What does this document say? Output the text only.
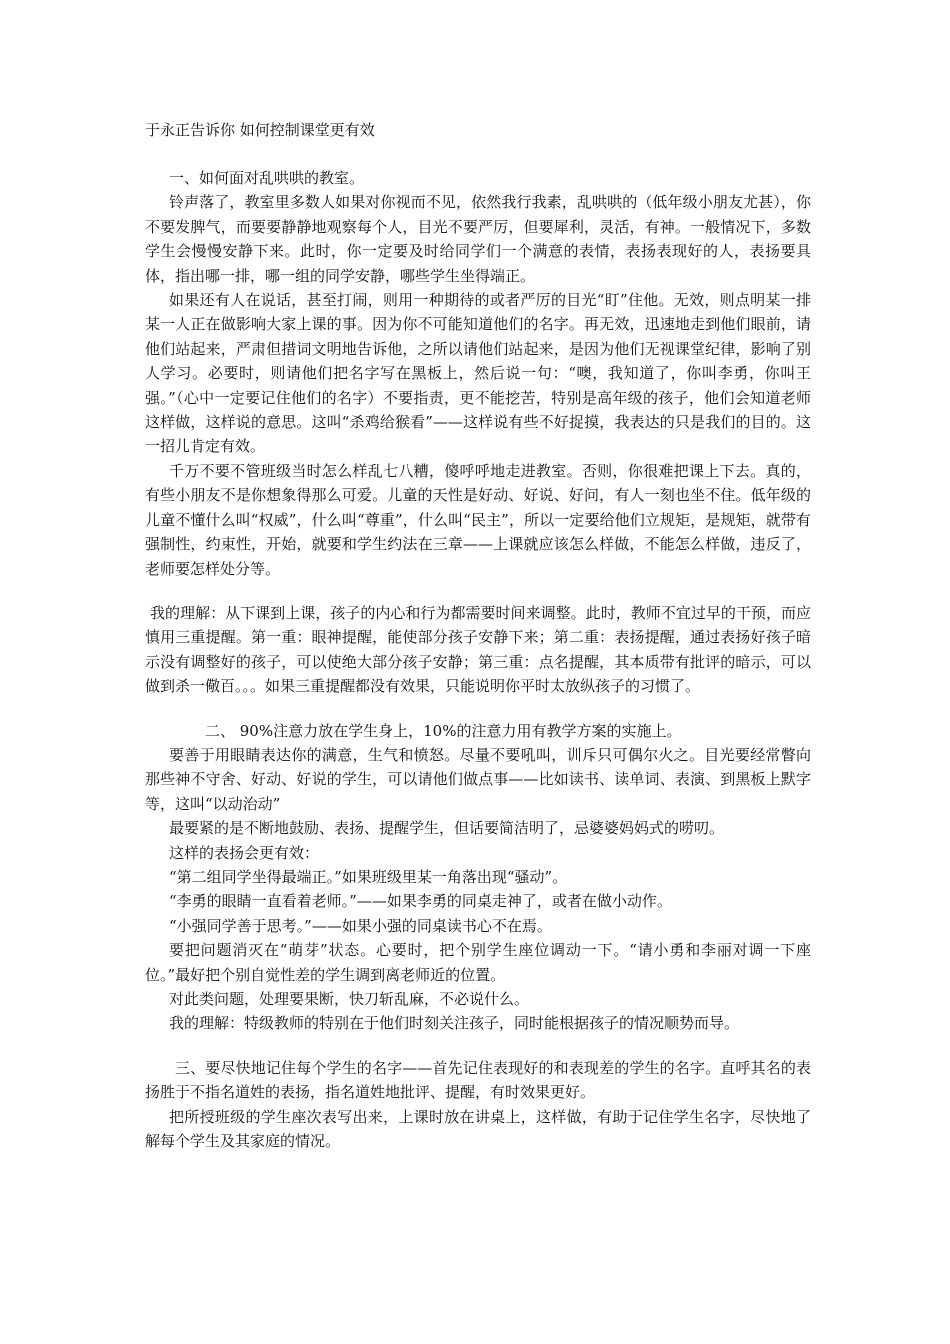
于永正告诉你 如何控制课堂更有效

一、如何面对乱哄哄的教室。

铃声落了，教室里多数人如果对你视而不见，依然我行我素，乱哄哄的（低年级小朋友尤甚），你不要发脾气，而要要静静地观察每个人，目光不要严厉，但要犀利，灵活，有神。一般情况下，多数学生会慢慢安静下来。此时，你一定要及时给同学们一个满意的表情，表扬表现好的人，表扬要具体，指出哪一排，哪一组的同学安静，哪些学生坐得端正。

如果还有人在说话，甚至打闹，则用一种期待的或者严厉的目光“盯”住他。无效，则点明某一排某一人正在做影响大家上课的事。因为你不可能知道他们的名字。再无效，迅速地走到他们眼前，请他们站起来，严肃但措词文明地告诉他，之所以请他们站起来，是因为他们无视课堂纪律，影响了别人学习。必要时，则请他们把名字写在黑板上，然后说一句：“噢，我知道了，你叫李勇，你叫王强。”（心中一定要记住他们的名字）不要指责，更不能挖苦，特别是高年级的孩子，他们会知道老师这样做，这样说的意思。这叫“杀鸡给猴看”——这样说有些不好捉摸，我表达的只是我们的目的。这一招儿肯定有效。

千万不要不管班级当时怎么样乱七八糟，傻呼呼地走进教室。否则，你很难把课上下去。真的，有些小朋友不是你想象得那么可爱。儿童的天性是好动、好说、好问，有人一刻也坐不住。低年级的儿童不懂什么叫“权威”，什么叫“尊重”，什么叫“民主”，所以一定要给他们立规矩，是规矩，就带有强制性，约束性，开始，就要和学生约法在三章——上课就应该怎么样做，不能怎么样做，违反了，老师要怎样处分等。

我的理解：从下课到上课，孩子的内心和行为都需要时间来调整。此时，教师不宜过早的干预，而应慎用三重提醒。第一重：眼神提醒，能使部分孩子安静下来；第二重：表扬提醒，通过表扬好孩子暗示没有调整好的孩子，可以使绝大部分孩子安静；第三重：点名提醒，其本质带有批评的暗示，可以做到杀一儆百。。。如果三重提醒都没有效果，只能说明你平时太放纵孩子的习惯了。

二、 90%注意力放在学生身上，10%的注意力用有教学方案的实施上。

要善于用眼睛表达你的满意，生气和愤怒。尽量不要吼叫，训斥只可偶尔火之。目光要经常瞥向那些神不守舍、好动、好说的学生，可以请他们做点事——比如读书、读单词、表演、到黑板上默字等，这叫“以动治动”

最要紧的是不断地鼓励、表扬、提醒学生，但话要简洁明了，忌婆婆妈妈式的唠叨。

这样的表扬会更有效：

“第二组同学坐得最端正。”如果班级里某一角落出现“骚动”。

“李勇的眼睛一直看着老师。”——如果李勇的同桌走神了，或者在做小动作。

“小强同学善于思考。”——如果小强的同桌读书心不在焉。

要把问题消灭在“萌芽”状态。心要时，把个别学生座位调动一下。“请小勇和李丽对调一下座位。”最好把个别自觉性差的学生调到离老师近的位置。

对此类问题，处理要果断，快刀斩乱麻，不必说什么。

我的理解：特级教师的特别在于他们时刻关注孩子，同时能根据孩子的情况顺势而导。

三、要尽快地记住每个学生的名字——首先记住表现好的和表现差的学生的名字。直呼其名的表扬胜于不指名道姓的表扬，指名道姓地批评、提醒，有时效果更好。

把所授班级的学生座次表写出来，上课时放在讲桌上，这样做，有助于记住学生名字，尽快地了解每个学生及其家庭的情况。
